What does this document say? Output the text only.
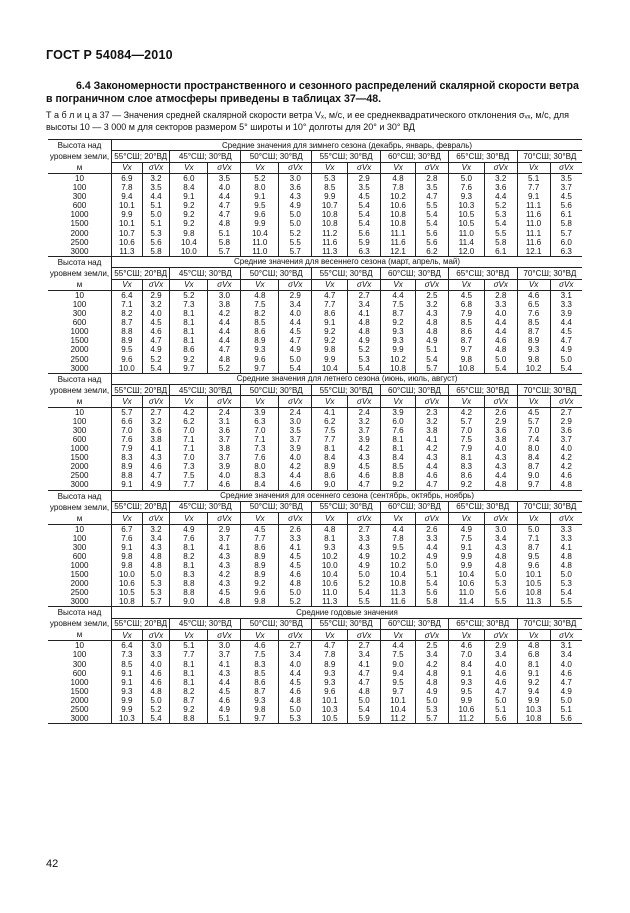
ГОСТ Р 54084—2010
6.4 Закономерности пространственного и сезонного распределений скалярной скорости ветра в пограничном слое атмосферы приведены в таблицах 37—48.
Т а б л и ц а 37 — Значения средней скалярной скорости ветра Vₓ, м/с, и ее среднеквадратического отклонения σᵥₓ, м/с, для высоты 10 — 3 000 м для секторов размером 5° широты и 10° долготы для 20° и 30° ВД
Высота над уровнем земли, м	Средние значения для зимнего сезона (декабрь, январь, февраль)													
	55°СШ; 20°ВД		45°СШ; 30°ВД		50°СШ; 30°ВД		55°СШ; 30°ВД		60°СШ; 30°ВД		65°СШ; 30°ВД		70°СШ; 30°ВД	
	Vx	σVx	Vx	σVx	Vx	σVx	Vx	σVx	Vx	σVx	Vx	σVx	Vx	σVx
10	6.9	3.2	6.0	3.5	5.2	3.0	5.3	2.9	4.8	2.8	5.0	3.2	5.1	3.5
100	7.8	3.5	8.4	4.0	8.0	3.6	8.5	3.5	7.8	3.5	7.6	3.6	7.7	3.7
300	9.4	4.4	9.1	4.4	9.1	4.3	9.9	4.5	10.2	4.7	9.3	4.4	9.1	4.5
600	10.1	5.1	9.2	4.7	9.5	4.9	10.7	5.4	10.6	5.5	10.3	5.2	11.1	5.6
1000	9.9	5.0	9.2	4.7	9.6	5.0	10.8	5.4	10.8	5.4	10.5	5.3	11.6	6.1
1500	10.1	5.1	9.2	4.8	9.9	5.0	10.8	5.4	10.8	5.4	10.5	5.4	11.0	5.8
2000	10.7	5.3	9.8	5.1	10.4	5.2	11.2	5.6	11.1	5.6	11.0	5.5	11.1	5.7
2500	10.6	5.6	10.4	5.8	11.0	5.5	11.6	5.9	11.6	5.6	11.4	5.8	11.6	6.0
3000	11.3	5.8	10.0	5.7	11.0	5.7	11.3	6.3	12.1	6.2	12.0	6.1	12.1	6.3
Высота над уровнем земли, м	Средние значения для весеннего сезона (март, апрель, май)													
	55°СШ; 20°ВД		45°СШ; 30°ВД		50°СШ; 30°ВД		55°СШ; 30°ВД		60°СШ; 30°ВД		65°СШ; 30°ВД		70°СШ; 30°ВД	
	Vx	σVx	Vx	σVx	Vx	σVx	Vx	σVx	Vx	σVx	Vx	σVx	Vx	σVx
10	6.4	2.9	5.2	3.0	4.8	2.9	4.7	2.7	4.4	2.5	4.5	2.8	4.6	3.1
100	7.1	3.2	7.3	3.8	7.5	3.4	7.7	3.4	7.5	3.2	6.8	3.3	6.5	3.3
300	8.2	4.0	8.1	4.2	8.2	4.0	8.6	4.1	8.7	4.3	7.9	4.0	7.6	3.9
600	8.7	4.5	8.1	4.4	8.5	4.4	9.1	4.8	9.2	4.8	8.5	4.4	8.5	4.4
1000	8.8	4.6	8.1	4.4	8.6	4.5	9.2	4.8	9.3	4.8	8.6	4.4	8.7	4.5
1500	8.9	4.7	8.1	4.4	8.9	4.7	9.2	4.9	9.3	4.9	8.7	4.6	8.9	4.7
2000	9.5	4.9	8.6	4.7	9.3	4.9	9.8	5.2	9.9	5.1	9.7	4.8	9.3	4.9
2500	9.6	5.2	9.2	4.8	9.6	5.0	9.9	5.3	10.2	5.4	9.8	5.0	9.8	5.0
3000	10.0	5.4	9.7	5.2	9.7	5.4	10.4	5.4	10.8	5.7	10.8	5.4	10.2	5.4
Высота над уровнем земли, м	Средние значения для летнего сезона (июнь, июль, август)													
	55°СШ; 20°ВД		45°СШ; 30°ВД		50°СШ; 30°ВД		55°СШ; 30°ВД		60°СШ; 30°ВД		65°СШ; 30°ВД		70°СШ; 30°ВД	
	Vx	σVx	Vx	σVx	Vx	σVx	Vx	σVx	Vx	σVx	Vx	σVx	Vx	σVx
10	5.7	2.7	4.2	2.4	3.9	2.4	4.1	2.4	3.9	2.3	4.2	2.6	4.5	2.7
100	6.6	3.2	6.2	3.1	6.3	3.0	6.2	3.2	6.0	3.2	5.7	2.9	5.7	2.9
300	7.0	3.6	7.0	3.6	7.0	3.5	7.5	3.7	7.6	3.8	7.0	3.6	7.0	3.6
600	7.6	3.8	7.1	3.7	7.1	3.7	7.7	3.9	8.1	4.1	7.5	3.8	7.4	3.7
1000	7.9	4.1	7.1	3.8	7.3	3.9	8.1	4.2	8.1	4.2	7.9	4.0	8.0	4.0
1500	8.3	4.3	7.0	3.7	7.6	4.0	8.4	4.3	8.4	4.3	8.1	4.3	8.4	4.2
2000	8.9	4.6	7.3	3.9	8.0	4.2	8.9	4.5	8.5	4.4	8.3	4.3	8.7	4.2
2500	8.8	4.7	7.5	4.0	8.3	4.4	8.6	4.6	8.8	4.6	8.6	4.4	9.0	4.6
3000	9.1	4.9	7.7	4.6	8.4	4.6	9.0	4.7	9.2	4.7	9.2	4.8	9.7	4.8
Высота над уровнем земли, м	Средние значения для осеннего сезона (сентябрь, октябрь, ноябрь)													
	55°СШ; 20°ВД		45°СШ; 30°ВД		50°СШ; 30°ВД		55°СШ; 30°ВД		60°СШ; 30°ВД		65°СШ; 30°ВД		70°СШ; 30°ВД	
	Vx	σVx	Vx	σVx	Vx	σVx	Vx	σVx	Vx	σVx	Vx	σVx	Vx	σVx
10	6.7	3.2	4.9	2.9	4.5	2.6	4.8	2.7	4.4	2.6	4.9	3.0	5.0	3.3
100	7.6	3.4	7.6	3.7	7.7	3.3	8.1	3.3	7.8	3.3	7.5	3.4	7.1	3.3
300	9.1	4.3	8.1	4.1	8.6	4.1	9.3	4.3	9.5	4.4	9.1	4.3	8.7	4.1
600	9.8	4.8	8.2	4.3	8.9	4.5	10.2	4.9	10.2	4.9	9.9	4.8	9.5	4.8
1000	9.8	4.8	8.1	4.3	8.9	4.5	10.0	4.9	10.2	5.0	9.9	4.8	9.6	4.8
1500	10.0	5.0	8.3	4.2	8.9	4.6	10.4	5.0	10.4	5.1	10.4	5.0	10.1	5.0
2000	10.6	5.3	8.8	4.3	9.2	4.8	10.6	5.2	10.8	5.4	10.6	5.3	10.5	5.3
2500	10.5	5.3	8.8	4.5	9.6	5.0	11.0	5.4	11.3	5.6	11.0	5.6	10.8	5.4
3000	10.8	5.7	9.0	4.8	9.8	5.2	11.3	5.5	11.6	5.8	11.4	5.5	11.3	5.5
Высота над уровнем земли, м	Средние годовые значения													
	55°СШ; 20°ВД		45°СШ; 30°ВД		50°СШ; 30°ВД		55°СШ; 30°ВД		60°СШ; 30°ВД		65°СШ; 30°ВД		70°СШ; 30°ВД	
	Vx	σVx	Vx	σVx	Vx	σVx	Vx	σVx	Vx	σVx	Vx	σVx	Vx	σVx
10	6.4	3.0	5.1	3.0	4.6	2.7	4.7	2.7	4.4	2.5	4.6	2.9	4.8	3.1
100	7.3	3.3	7.7	3.7	7.5	3.4	7.8	3.4	7.5	3.4	7.0	3.4	6.8	3.4
300	8.5	4.0	8.1	4.1	8.3	4.0	8.9	4.1	9.0	4.2	8.4	4.0	8.1	4.0
600	9.1	4.6	8.1	4.3	8.5	4.4	9.3	4.7	9.4	4.8	9.1	4.6	9.1	4.6
1000	9.1	4.6	8.1	4.4	8.6	4.5	9.3	4.7	9.5	4.8	9.3	4.6	9.2	4.7
1500	9.3	4.8	8.2	4.5	8.7	4.6	9.6	4.8	9.7	4.9	9.5	4.7	9.4	4.9
2000	9.9	5.0	8.7	4.6	9.3	4.8	10.1	5.0	10.1	5.0	9.9	5.0	9.9	5.0
2500	9.9	5.2	9.2	4.9	9.8	5.0	10.3	5.4	10.4	5.3	10.6	5.1	10.3	5.1
3000	10.3	5.4	8.8	5.1	9.7	5.3	10.5	5.9	11.2	5.7	11.2	5.6	10.8	5.6
42
